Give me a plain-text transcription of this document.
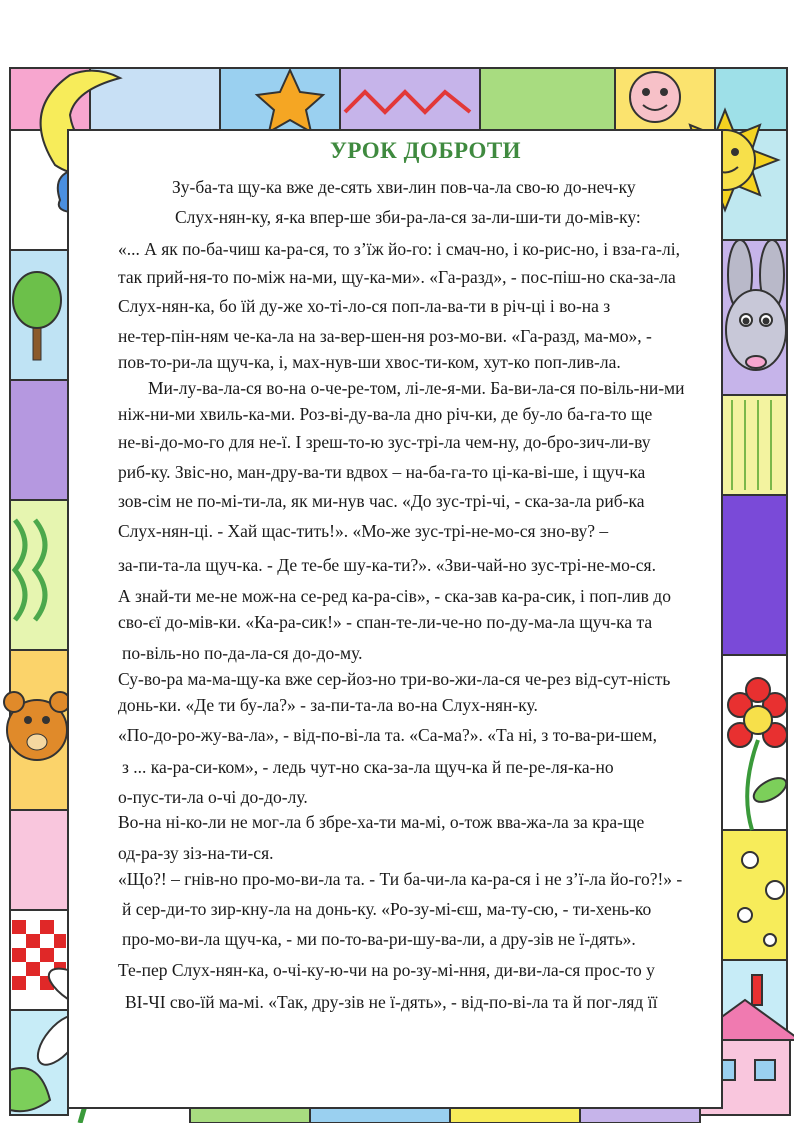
УРОК ДОБРОТИ
Зу-ба-та щу-ка вже де-сять хви-лин пов-ча-ла сво-ю до-неч-ку
Слух-нян-ку, я-ка впер-ше зби-ра-ла-ся за-ли-ши-ти до-мів-ку:
«... А як по-ба-чиш ка-ра-ся, то з’їж йо-го: і смач-но, і ко-рис-но, і вза-га-лі,
так прий-ня-то по-між на-ми, щу-ка-ми». «Га-разд», - пос-піш-но ска-за-ла
Слух-нян-ка, бо їй ду-же хо-ті-ло-ся поп-ла-ва-ти в річ-ці і во-на з
не-тер-пін-ням че-ка-ла на за-вер-шен-ня роз-мо-ви. «Га-разд, ма-мо», -
пов-то-ри-ла щуч-ка, і, мах-нув-ши хвос-ти-ком, хут-ко поп-лив-ла.
Ми-лу-ва-ла-ся во-на о-че-ре-том, лі-ле-я-ми. Ба-ви-ла-ся по-віль-ни-ми
ніж-ни-ми хвиль-ка-ми. Роз-ві-ду-ва-ла дно річ-ки, де бу-ло ба-га-то ще
не-ві-до-мо-го для не-ї. І зреш-то-ю зус-трі-ла чем-ну, до-бро-зич-ли-ву
риб-ку. Звіс-но, ман-дру-ва-ти вдвох – на-ба-га-то ці-ка-ві-ше, і щуч-ка
зов-сім не по-мі-ти-ла, як ми-нув час. «До зус-трі-чі, - ска-за-ла риб-ка
Слух-нян-ці. - Хай щас-тить!». «Мо-же зус-трі-не-мо-ся зно-ву? –
за-пи-та-ла щуч-ка. - Де те-бе шу-ка-ти?». «Зви-чай-но зус-трі-не-мо-ся.
А знай-ти ме-не мож-на се-ред ка-ра-сів», - ска-зав ка-ра-сик, і поп-лив до
сво-єї до-мів-ки. «Ка-ра-сик!» - спан-те-ли-че-но по-ду-ма-ла щуч-ка та
по-віль-но по-да-ла-ся до-до-му.
Су-во-ра ма-ма-щу-ка вже сер-йоз-но три-во-жи-ла-ся че-рез від-сут-ність
донь-ки. «Де ти бу-ла?» - за-пи-та-ла во-на Слух-нян-ку.
«По-до-ро-жу-ва-ла», - від-по-ві-ла та. «Са-ма?». «Та ні, з то-ва-ри-шем,
з ... ка-ра-си-ком», - ледь чут-но ска-за-ла щуч-ка й пе-ре-ля-ка-но
о-пус-ти-ла о-чі до-до-лу.
Во-на ні-ко-ли не мог-ла б збре-ха-ти ма-мі, о-тож вва-жа-ла за кра-ще
од-ра-зу зіз-на-ти-ся.
«Що?! – гнів-но про-мо-ви-ла та. - Ти ба-чи-ла ка-ра-ся і не з’ї-ла йо-го?!» -
й сер-ди-то зир-кну-ла на донь-ку. «Ро-зу-мі-єш, ма-ту-сю, - ти-хень-ко
про-мо-ви-ла щуч-ка, - ми по-то-ва-ри-шу-ва-ли, а дру-зів не ї-дять».
Те-пер Слух-нян-ка, о-чі-ку-ю-чи на ро-зу-мі-ння, ди-ви-ла-ся прос-то у
ВІ-ЧІ сво-їй ма-мі. «Так, дру-зів не ї-дять», - від-по-ві-ла та й пог-ляд її
